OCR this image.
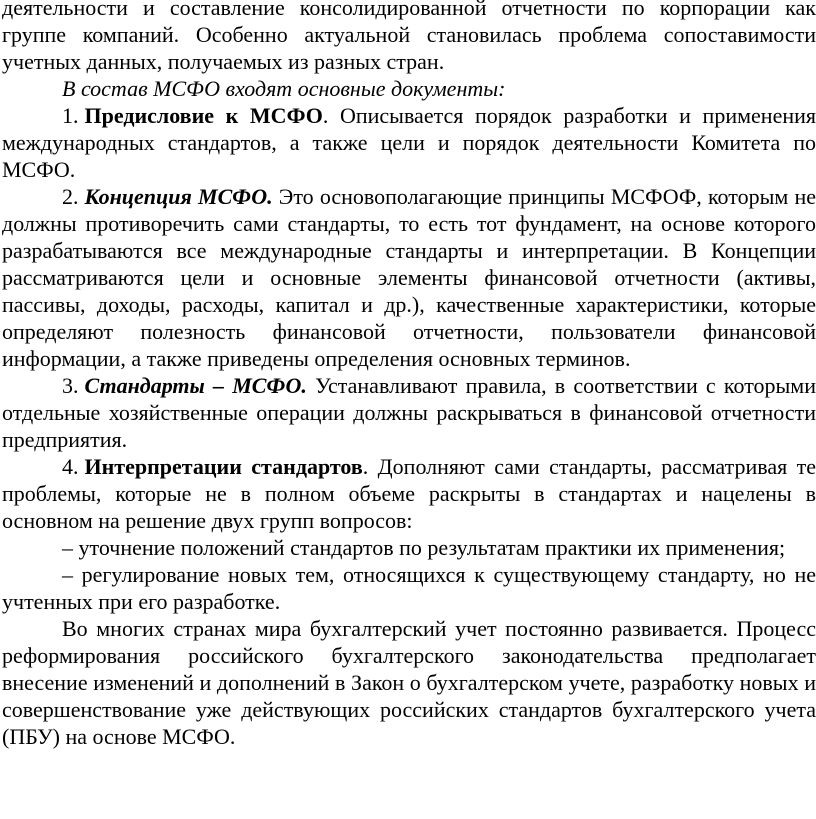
деятельности и составление консолидированной отчетности по корпорации как группе компаний. Особенно актуальной становилась проблема сопоставимости учетных данных, получаемых из разных стран.

В состав МСФО входят основные документы:

1. Предисловие к МСФО. Описывается порядок разработки и применения международных стандартов, а также цели и порядок деятельности Комитета по МСФО.

2. Концепция МСФО. Это основополагающие принципы МСФОФ, которым не должны противоречить сами стандарты, то есть тот фундамент, на основе которого разрабатываются все международные стандарты и интерпретации. В Концепции рассматриваются цели и основные элементы финансовой отчетности (активы, пассивы, доходы, расходы, капитал и др.), качественные характеристики, которые определяют полезность финансовой отчетности, пользователи финансовой информации, а также приведены определения основных терминов.

3. Стандарты – МСФО. Устанавливают правила, в соответствии с которыми отдельные хозяйственные операции должны раскрываться в финансовой отчетности предприятия.

4. Интерпретации стандартов. Дополняют сами стандарты, рассматривая те проблемы, которые не в полном объеме раскрыты в стандартах и нацелены в основном на решение двух групп вопросов:

– уточнение положений стандартов по результатам практики их применения;

– регулирование новых тем, относящихся к существующему стандарту, но не учтенных при его разработке.

Во многих странах мира бухгалтерский учет постоянно развивается. Процесс реформирования российского бухгалтерского законодательства предполагает внесение изменений и дополнений в Закон о бухгалтерском учете, разработку новых и совершенствование уже действующих российских стандартов бухгалтерского учета (ПБУ) на основе МСФО.
